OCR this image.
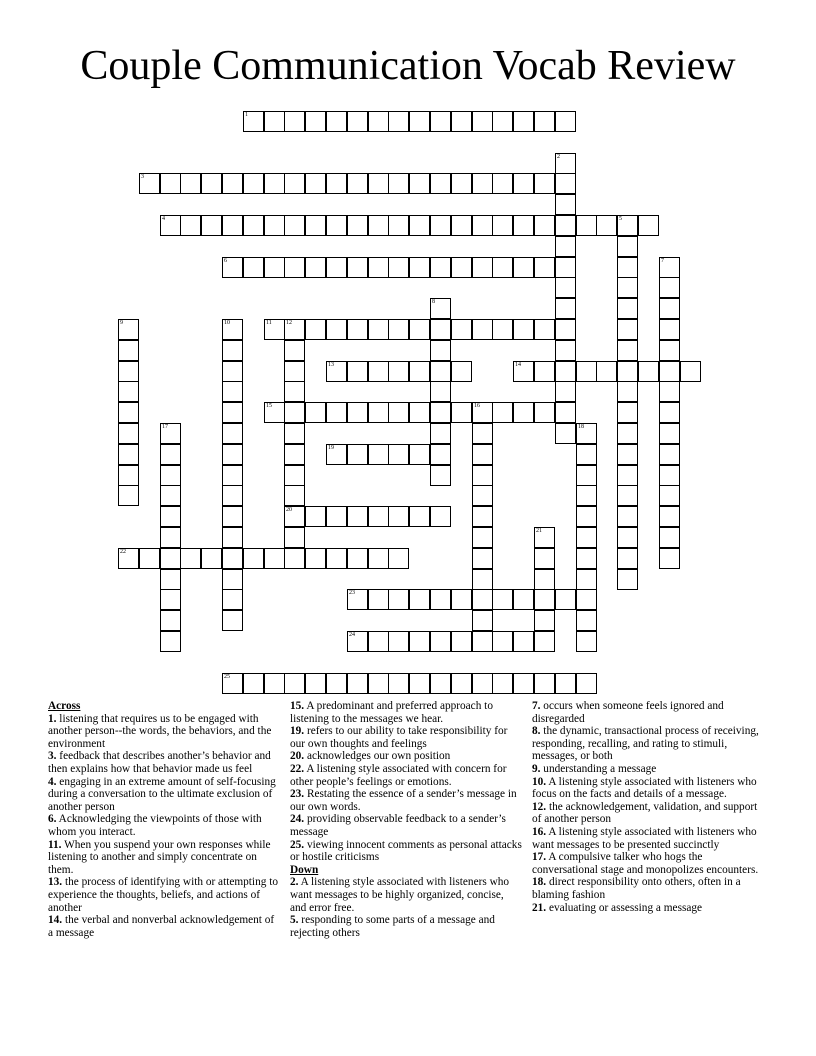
Couple Communication Vocab Review
1
2
3
4	5
6	7
8
9	10	11 12
20
13	14
15	16
17	18
19
21
22
23
24
25
Across
1. listening that requires us to be engaged with another person--the words, the behaviors, and the environment
3. feedback that describes another’s behavior and then explains how that behavior made us feel
4. engaging in an extreme amount of self-focusing during a conversation to the ultimate exclusion of another person
6. Acknowledging the viewpoints of those with whom you interact.
11. When you suspend your own responses while listening to another and simply concentrate on them.
13. the process of identifying with or attempting to experience the thoughts, beliefs, and actions of another
14. the verbal and nonverbal acknowledgement of a message
15. A predominant and preferred approach to listening to the messages we hear.
19. refers to our ability to take responsibility for our own thoughts and feelings
20. acknowledges our own position
22. A listening style associated with concern for other people’s feelings or emotions.
23. Restating the essence of a sender’s message in our own words.
24. providing observable feedback to a sender’s message
25. viewing innocent comments as personal attacks or hostile criticisms
Down
2. A listening style associated with listeners who want messages to be highly organized, concise, and error free.
5. responding to some parts of a message and rejecting others
7. occurs when someone feels ignored and disregarded
8. the dynamic, transactional process of receiving, responding, recalling, and rating to stimuli, messages, or both
9. understanding a message
10. A listening style associated with listeners who focus on the facts and details of a message.
12. the acknowledgement, validation, and support of another person
16. A listening style associated with listeners who want messages to be presented succinctly
17. A compulsive talker who hogs the conversational stage and monopolizes encounters.
18. direct responsibility onto others, often in a blaming fashion
21. evaluating or assessing a message
